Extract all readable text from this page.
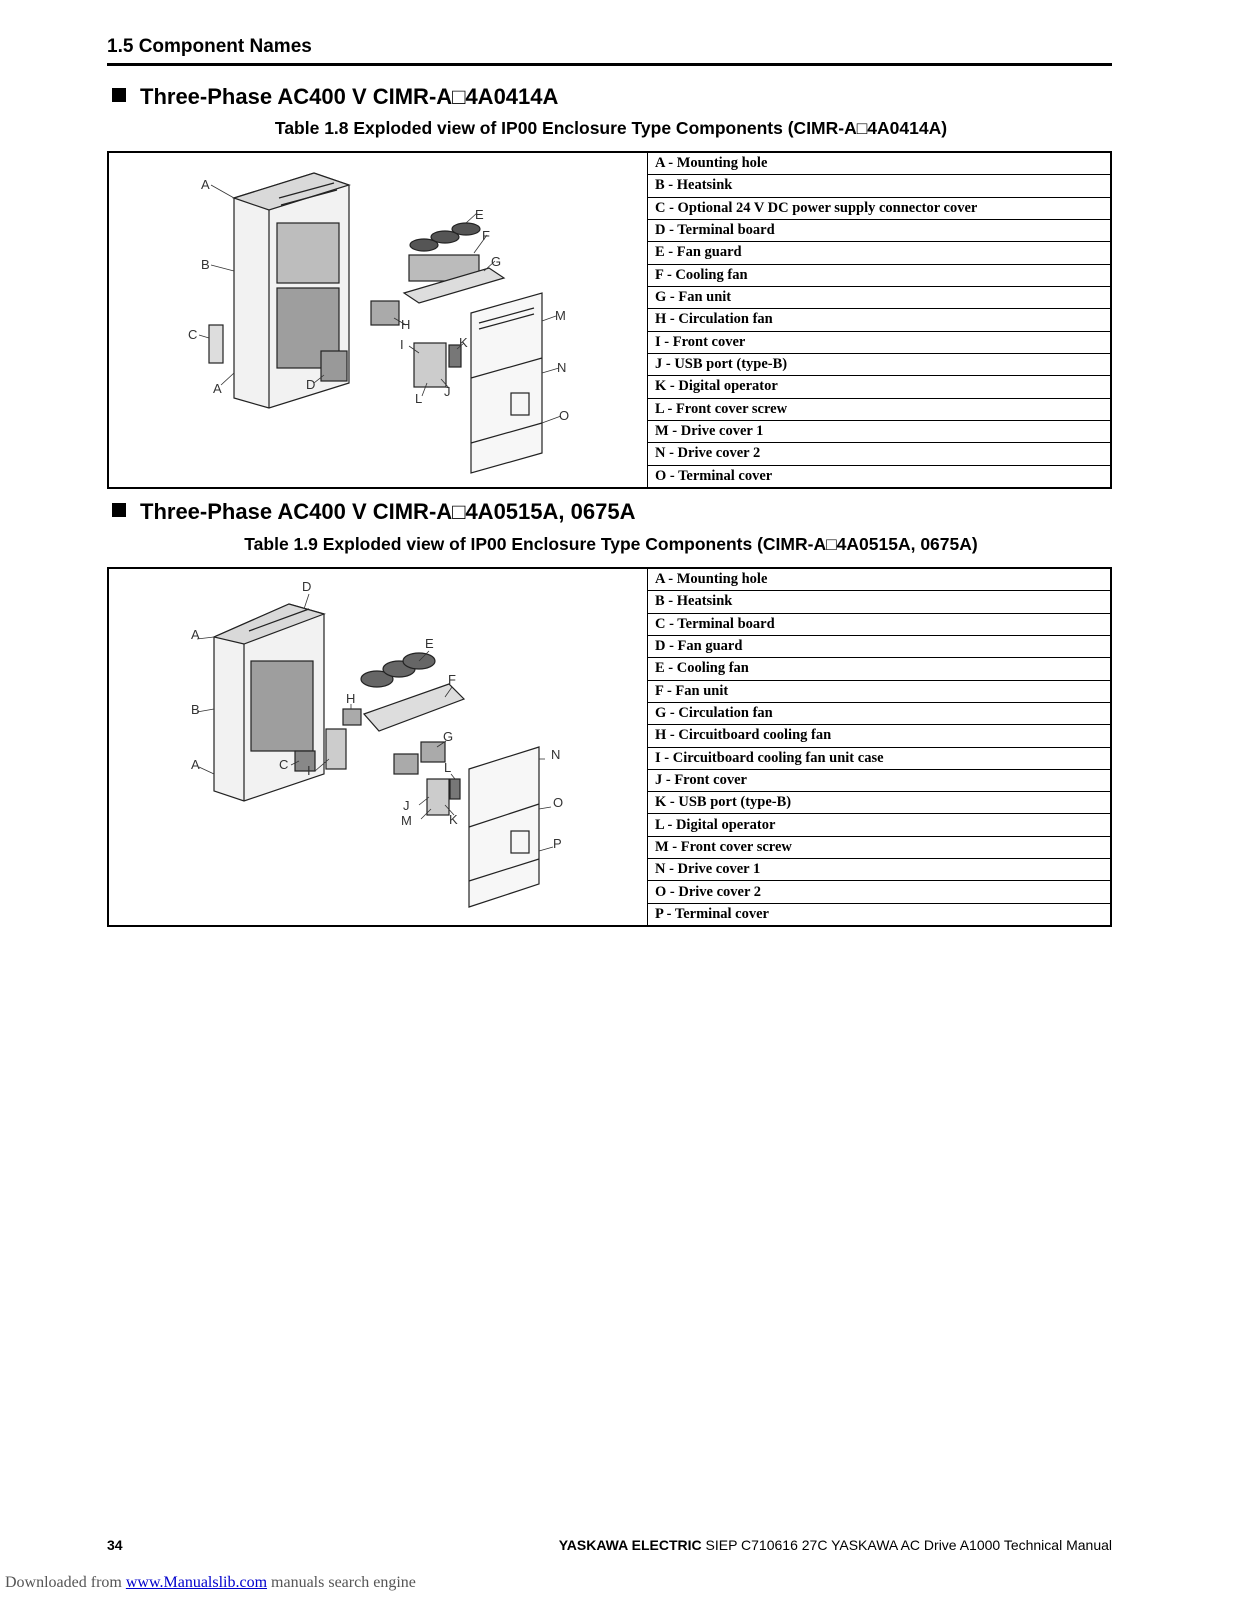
1.5 Component Names
Three-Phase AC400 V CIMR-A□4A0414A
Table 1.8 Exploded view of IP00 Enclosure Type Components (CIMR-A□4A0414A)
A
B
C
A	D
E
F
G
H
I	K
J
L
M
N
O
A - Mounting hole
B - Heatsink
C - Optional 24 V DC power supply connector cover
D - Terminal board
E - Fan guard
F - Cooling fan
G - Fan unit
H - Circulation fan
I - Front cover
J - USB port (type-B)
K - Digital operator
L - Front cover screw
M - Drive cover 1
N - Drive cover 2
O - Terminal cover
Three-Phase AC400 V CIMR-A□4A0515A, 0675A
Table 1.9 Exploded view of IP00 Enclosure Type Components (CIMR-A□4A0515A, 0675A)
D
A
E
F
H
B
G
A	C I	L
N
J	O
M	K
P
A - Mounting hole
B - Heatsink
C - Terminal board
D - Fan guard
E - Cooling fan
F - Fan unit
G - Circulation fan
H - Circuitboard cooling fan
I - Circuitboard cooling fan unit case
J - Front cover
K - USB port (type-B)
L - Digital operator
M - Front cover screw
N - Drive cover 1
O - Drive cover 2
P - Terminal cover
34	YASKAWA ELECTRIC SIEP C710616 27C YASKAWA AC Drive A1000 Technical Manual
Downloaded from www.Manualslib.com manuals search engine
